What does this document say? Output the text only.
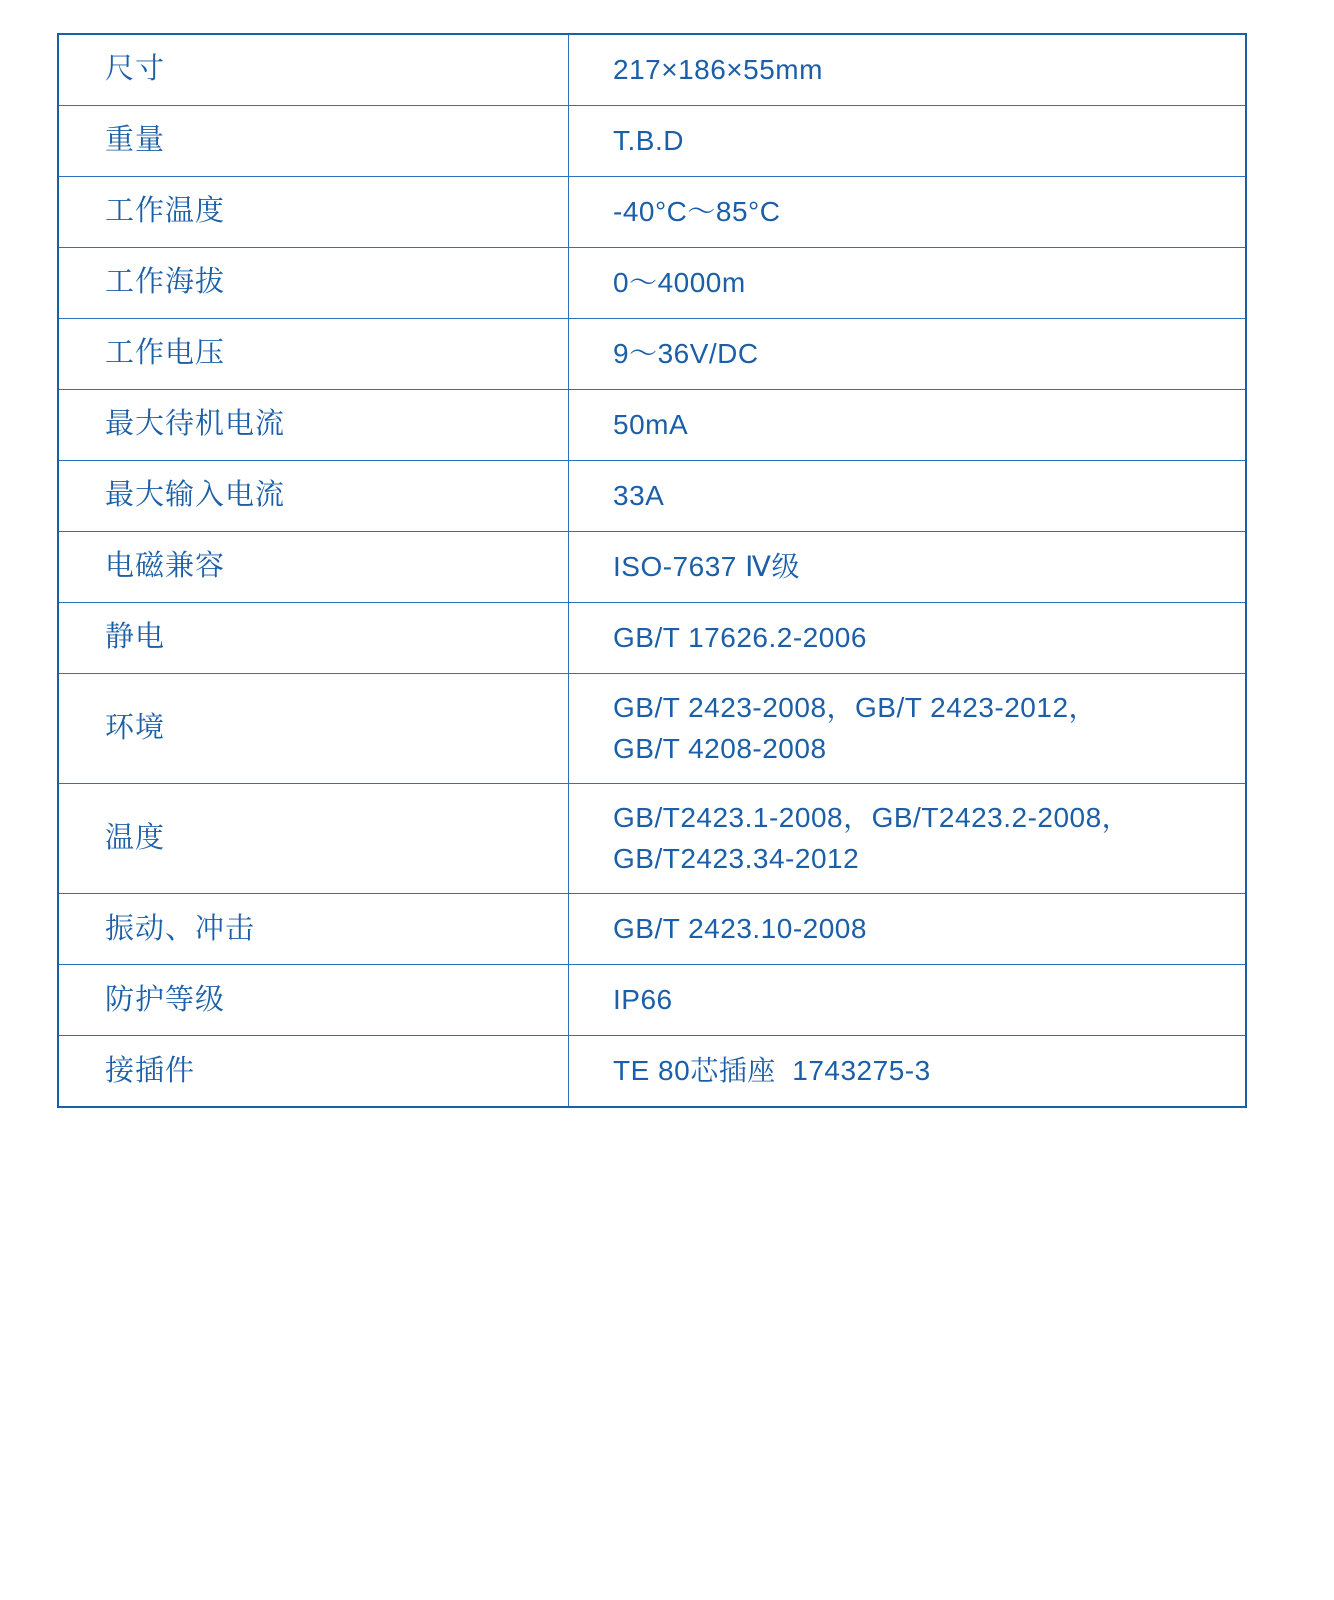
尺寸	217×186×55mm

重量	T.B.D

工作温度	-40°C～85°C

工作海拔	0～4000m

工作电压	9～36V/DC

最大待机电流	50mA

最大输入电流	33A

电磁兼容	ISO-7637 Ⅳ级

静电	GB/T 17626.2-2006

环境	GB/T 2423-2008，GB/T 2423-2012，
GB/T 4208-2008

温度	GB/T2423.1-2008，GB/T2423.2-2008，
GB/T2423.34-2012

振动、冲击	GB/T 2423.10-2008

防护等级	IP66

接插件	TE 80芯插座  1743275-3
